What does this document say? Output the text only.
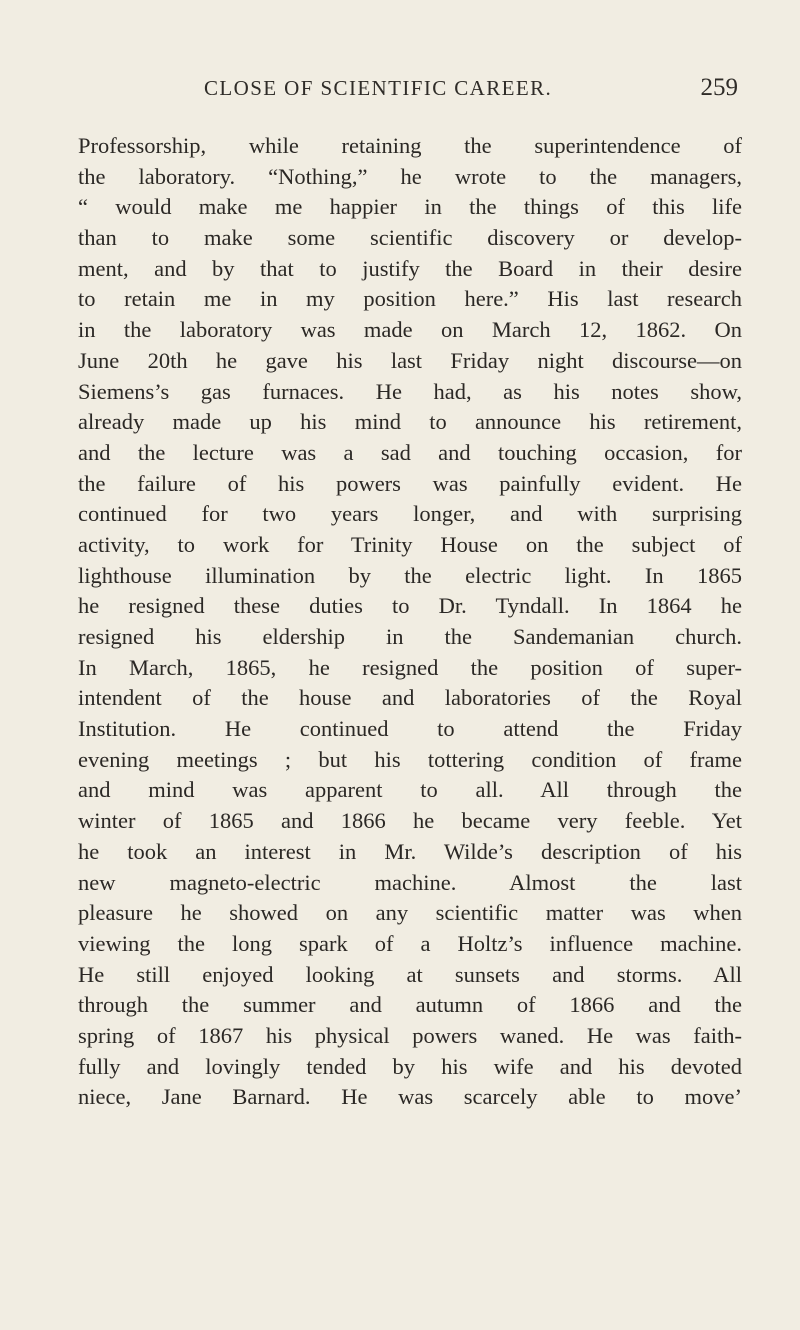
CLOSE OF SCIENTIFIC CAREER.	259
Professorship, while retaining the superintendence of
the laboratory. “Nothing,” he wrote to the managers,
“ would make me happier in the things of this life
than to make some scientific discovery or develop-
ment, and by that to justify the Board in their desire
to retain me in my position here.” His last research
in the laboratory was made on March 12, 1862. On
June 20th he gave his last Friday night discourse—on
Siemens’s gas furnaces. He had, as his notes show,
already made up his mind to announce his retirement,
and the lecture was a sad and touching occasion, for
the failure of his powers was painfully evident. He
continued for two years longer, and with surprising
activity, to work for Trinity House on the subject of
lighthouse illumination by the electric light. In 1865
he resigned these duties to Dr. Tyndall. In 1864 he
resigned his eldership in the Sandemanian church.
In March, 1865, he resigned the position of super-
intendent of the house and laboratories of the Royal
Institution. He continued to attend the Friday
evening meetings ; but his tottering condition of frame
and mind was apparent to all. All through the
winter of 1865 and 1866 he became very feeble. Yet
he took an interest in Mr. Wilde’s description of his
new magneto-electric machine. Almost the last
pleasure he showed on any scientific matter was when
viewing the long spark of a Holtz’s influence machine.
He still enjoyed looking at sunsets and storms. All
through the summer and autumn of 1866 and the
spring of 1867 his physical powers waned. He was faith-
fully and lovingly tended by his wife and his devoted
niece, Jane Barnard. He was scarcely able to move’
